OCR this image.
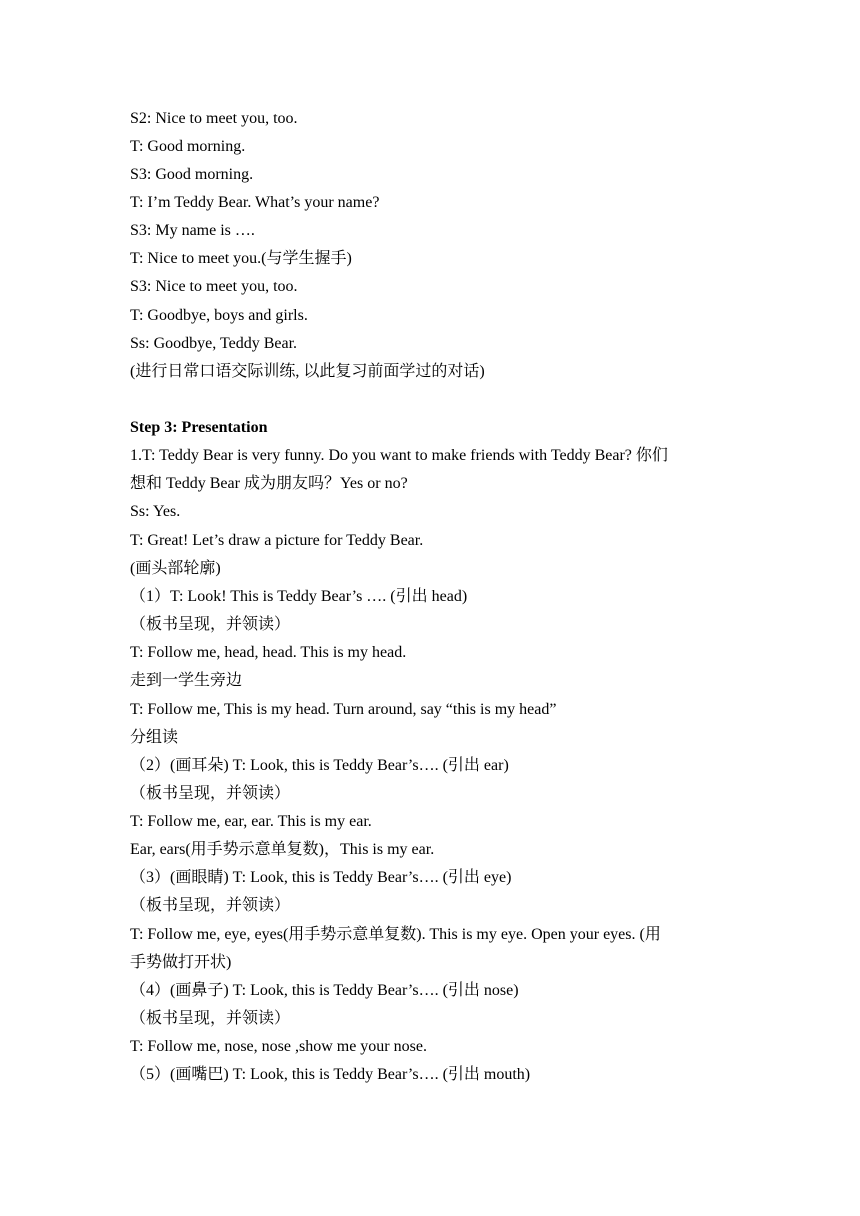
S2: Nice to meet you, too.
T: Good morning.
S3: Good morning.
T: I’m Teddy Bear. What’s your name?
S3: My name is ….
T: Nice to meet you.(与学生握手)
S3: Nice to meet you, too.
T: Goodbye, boys and girls.
Ss: Goodbye, Teddy Bear.
(进行日常口语交际训练, 以此复习前面学过的对话)
Step 3: Presentation
1.T: Teddy Bear is very funny. Do you want to make friends with Teddy Bear? 你们
想和 Teddy Bear 成为朋友吗？Yes or no?
Ss: Yes.
T: Great! Let’s draw a picture for Teddy Bear.
(画头部轮廓)
（1）T: Look! This is Teddy Bear’s …. (引出 head)
（板书呈现，并领读）
T: Follow me, head, head. This is my head.
走到一学生旁边
T: Follow me, This is my head. Turn around, say “this is my head”
分组读
（2）(画耳朵) T: Look, this is Teddy Bear’s…. (引出 ear)
（板书呈现，并领读）
T: Follow me, ear, ear. This is my ear.
Ear, ears(用手势示意单复数)，This is my ear.
（3）(画眼睛) T: Look, this is Teddy Bear’s…. (引出 eye)
（板书呈现，并领读）
T: Follow me, eye, eyes(用手势示意单复数). This is my eye. Open your eyes. (用
手势做打开状)
（4）(画鼻子) T: Look, this is Teddy Bear’s…. (引出 nose)
（板书呈现，并领读）
T: Follow me, nose, nose ,show me your nose.
（5）(画嘴巴) T: Look, this is Teddy Bear’s…. (引出 mouth)
